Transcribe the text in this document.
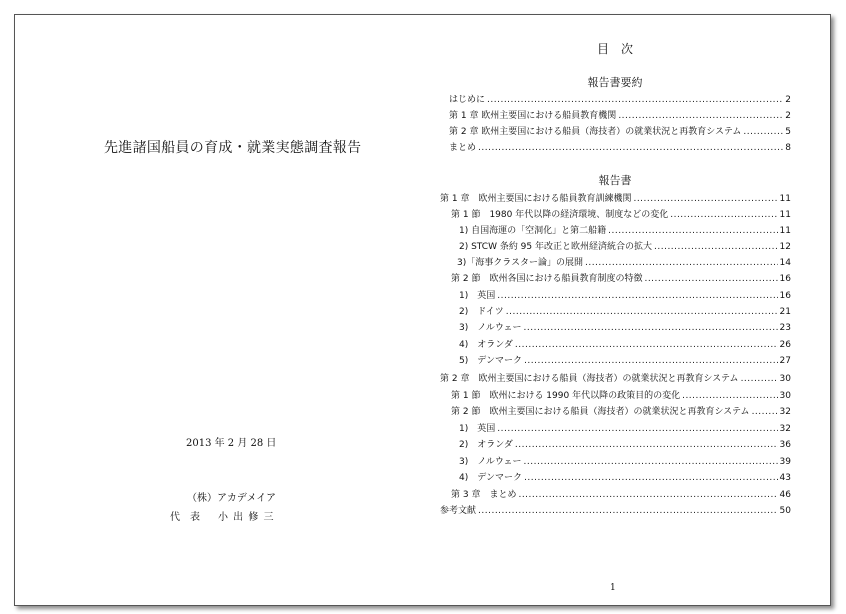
先進諸国船員の育成・就業実態調査報告
2013 年 2 月 28 日
（株）アカデメイア
代　表 小 出 修 三
目　次
報告書要約
はじめに .....	2
第 1 章 欧州主要国における船員教育機関 .....	2
第 2 章 欧州主要国における船員（海技者）の就業状況と再教育システム .....	5
まとめ .....	8
報告書
第 1 章　欧州主要国における船員教育訓練機関 .....	11
第 1 節　1980 年代以降の経済環境、制度などの変化 .....	11
1) 自国海運の「空洞化」と第二船籍 .....	11
2) STCW 条約 95 年改正と欧州経済統合の拡大 .....	12
3)「海事クラスター論」の展開 .....	14
第 2 節　欧州各国における船員教育制度の特徴 .....	16
1)　英国 .....	16
2)　ドイツ .....	21
3)　ノルウェー .....	23
4)　オランダ .....	26
5)　デンマーク .....	27
第 2 章　欧州主要国における船員（海技者）の就業状況と再教育システム .....	30
第 1 節　欧州における 1990 年代以降の政策目的の変化 .....	30
第 2 節　欧州主要国における船員（海技者）の就業状況と再教育システム .....	32
1)　英国 .....	32
2)　オランダ .....	36
3)　ノルウェー .....	39
4)　デンマーク .....	43
第 3 章　まとめ .....	46
参考文献 .....	50
1
